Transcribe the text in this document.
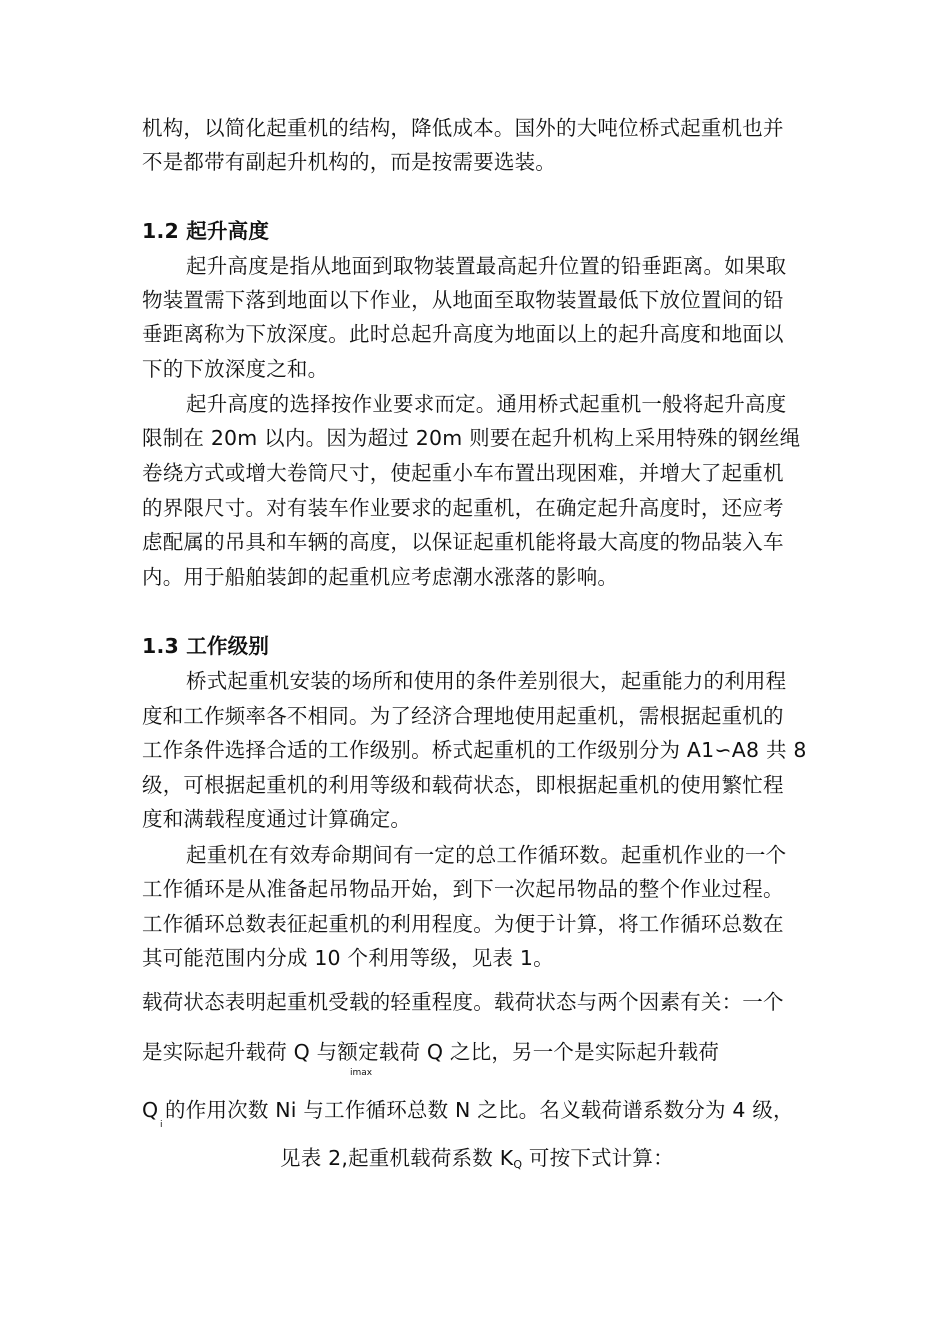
机构，以简化起重机的结构，降低成本。国外的大吨位桥式起重机也并
不是都带有副起升机构的，而是按需要选装。
1.2 起升高度
起升高度是指从地面到取物装置最高起升位置的铅垂距离。如果取
物装置需下落到地面以下作业，从地面至取物装置最低下放位置间的铅
垂距离称为下放深度。此时总起升高度为地面以上的起升高度和地面以
下的下放深度之和。
起升高度的选择按作业要求而定。通用桥式起重机一般将起升高度
限制在 20m 以内。因为超过 20m 则要在起升机构上采用特殊的钢丝绳
卷绕方式或增大卷筒尺寸，使起重小车布置出现困难，并增大了起重机
的界限尺寸。对有装车作业要求的起重机，在确定起升高度时，还应考
虑配属的吊具和车辆的高度，以保证起重机能将最大高度的物品装入车
内。用于船舶装卸的起重机应考虑潮水涨落的影响。
1.3 工作级别
桥式起重机安装的场所和使用的条件差别很大，起重能力的利用程
度和工作频率各不相同。为了经济合理地使用起重机，需根据起重机的
工作条件选择合适的工作级别。桥式起重机的工作级别分为 A1∽A8 共 8
级，可根据起重机的利用等级和载荷状态，即根据起重机的使用繁忙程
度和满载程度通过计算确定。
起重机在有效寿命期间有一定的总工作循环数。起重机作业的一个
工作循环是从准备起吊物品开始，到下一次起吊物品的整个作业过程。
工作循环总数表征起重机的利用程度。为便于计算，将工作循环总数在
其可能范围内分成 10 个利用等级，见表 1。
载荷状态表明起重机受载的轻重程度。载荷状态与两个因素有关：一个
是实际起升载荷 Q 与额定载荷 Q 之比，另一个是实际起升载荷
imax
Q 的作用次数 Ni 与工作循环总数 N 之比。名义载荷谱系数分为 4 级，
i
见表 2,起重机载荷系数 KQ 可按下式计算：
